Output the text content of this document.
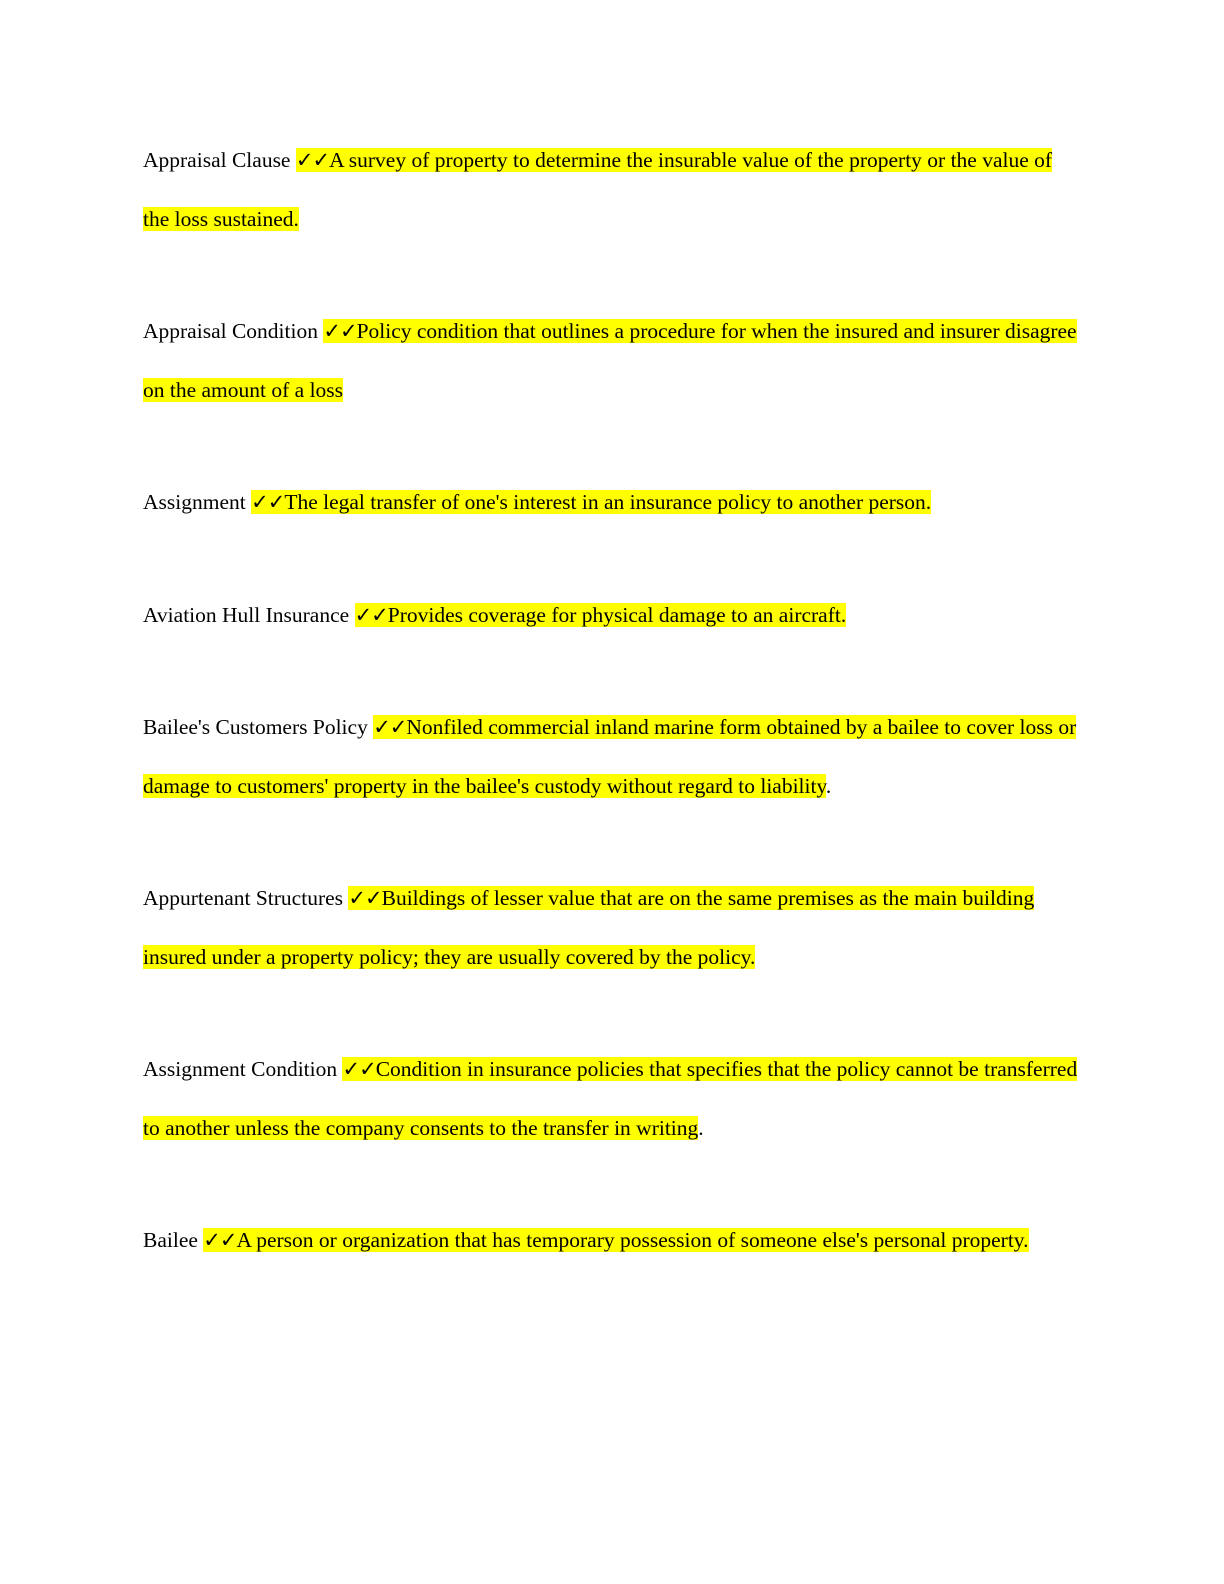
Appraisal Clause ✓✓A survey of property to determine the insurable value of the property or the value of the loss sustained.

Appraisal Condition ✓✓Policy condition that outlines a procedure for when the insured and insurer disagree on the amount of a loss

Assignment ✓✓The legal transfer of one's interest in an insurance policy to another person.

Aviation Hull Insurance ✓✓Provides coverage for physical damage to an aircraft.

Bailee's Customers Policy ✓✓Nonfiled commercial inland marine form obtained by a bailee to cover loss or damage to customers' property in the bailee's custody without regard to liability.

Appurtenant Structures ✓✓Buildings of lesser value that are on the same premises as the main building insured under a property policy; they are usually covered by the policy.

Assignment Condition ✓✓Condition in insurance policies that specifies that the policy cannot be transferred to another unless the company consents to the transfer in writing.

Bailee ✓✓A person or organization that has temporary possession of someone else's personal property.
